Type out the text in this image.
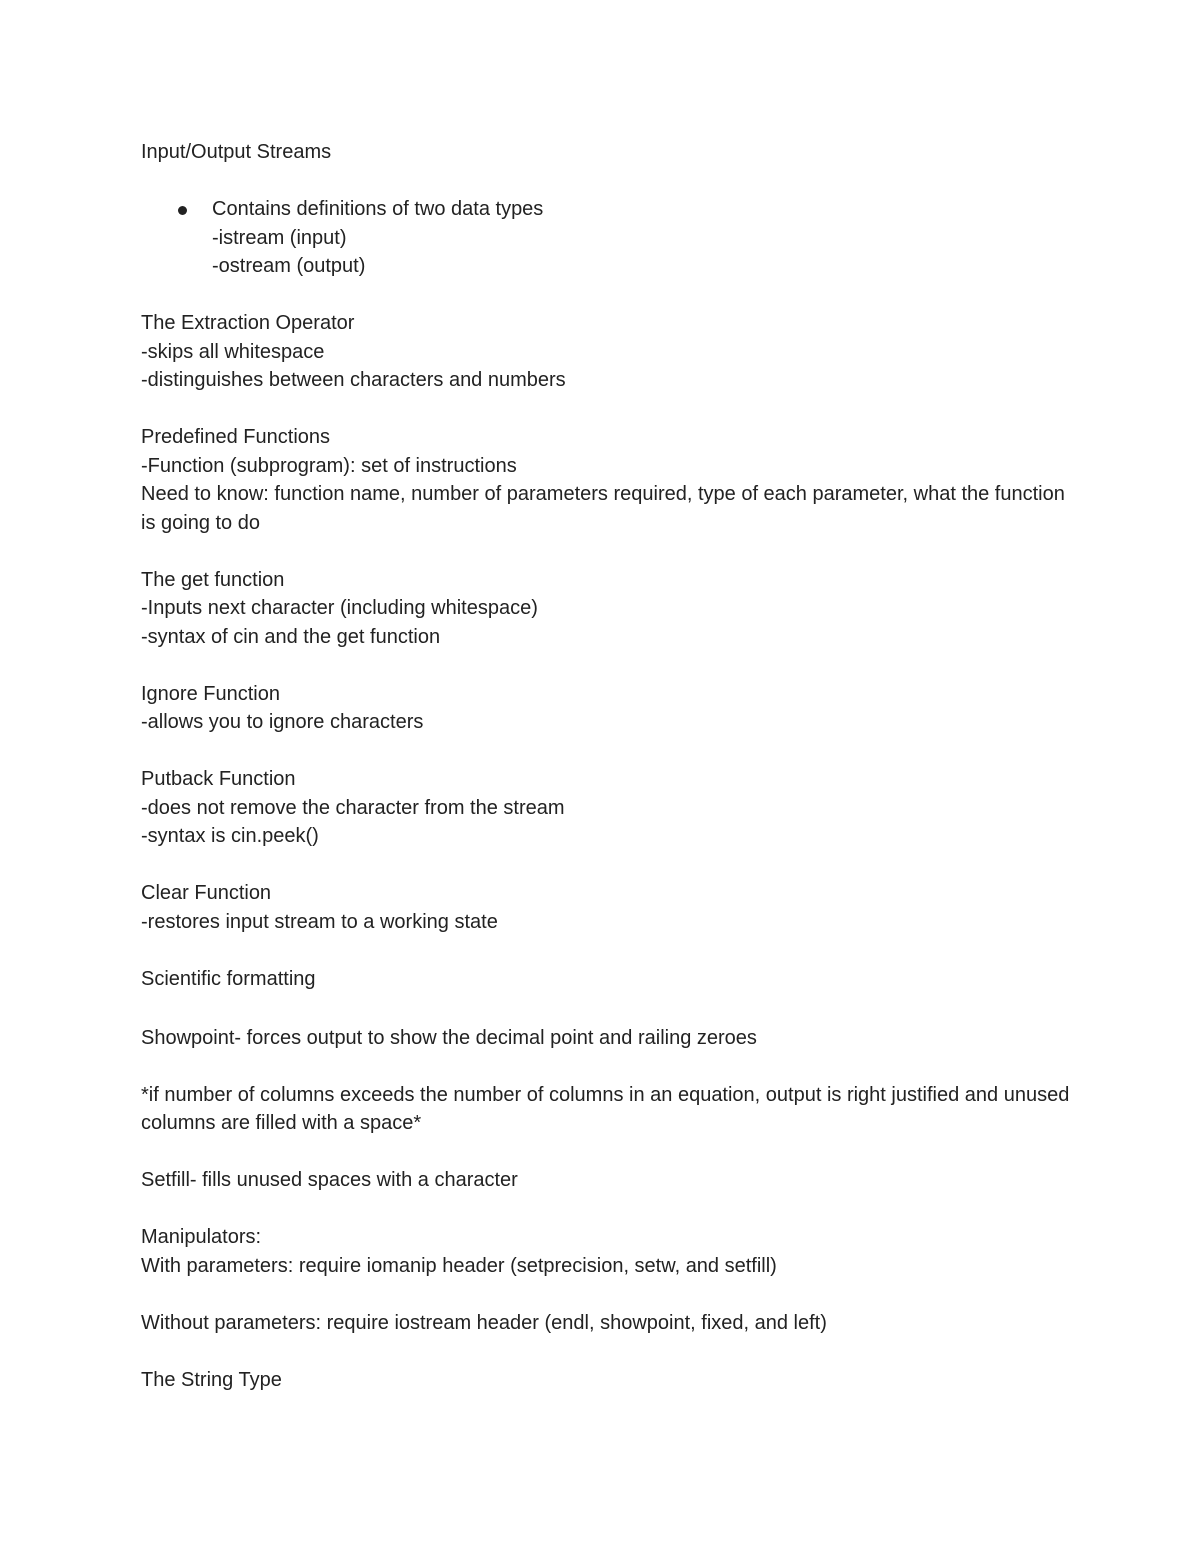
Input/Output Streams
Contains definitions of two data types
-istream (input)
-ostream (output)
The Extraction Operator
-skips all whitespace
-distinguishes between characters and numbers
Predefined Functions
-Function (subprogram): set of instructions
Need to know: function name, number of parameters required, type of each parameter, what the function is going to do
The get function
-Inputs next character (including whitespace)
-syntax of cin and the get function
Ignore Function
-allows you to ignore characters
Putback Function
-does not remove the character from the stream
-syntax is cin.peek()
Clear Function
-restores input stream to a working state
Scientific formatting
Showpoint- forces output to show the decimal point and railing zeroes
*if number of columns exceeds the number of columns in an equation, output is right justified and unused columns are filled with a space*
Setfill- fills unused spaces with a character
Manipulators:
With parameters: require iomanip header (setprecision, setw, and setfill)
Without parameters: require iostream header (endl, showpoint, fixed, and left)
The String Type
